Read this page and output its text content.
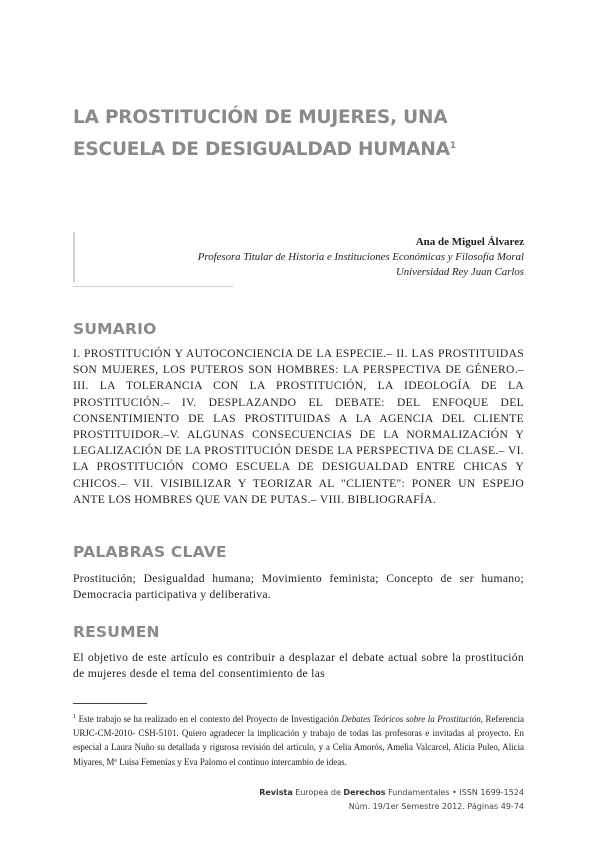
LA PROSTITUCIÓN DE MUJERES, UNA ESCUELA DE DESIGUALDAD HUMANA$^1$
Ana de Miguel Álvarez
Profesora Titular de Historia e Instituciones Económicas y Filosofía Moral
Universidad Rey Juan Carlos
SUMARIO

I. PROSTITUCIÓN Y AUTOCONCIENCIA DE LA ESPECIE.– II. LAS PROSTITUIDAS SON MUJERES, LOS PUTEROS SON HOMBRES: LA PERSPECTIVA DE GÉNERO.–III. LA TOLERANCIA CON LA PROSTITUCIÓN, LA IDEOLOGÍA DE LA PROSTITUCIÓN.– IV. DESPLAZANDO EL DEBATE: DEL ENFOQUE DEL CONSENTIMIENTO DE LAS PROSTITUIDAS A LA AGENCIA DEL CLIENTE PROSTITUIDOR.–V. ALGUNAS CONSECUENCIAS DE LA NORMALIZACIÓN Y LEGALIZACIÓN DE LA PROSTITUCIÓN DESDE LA PERSPECTIVA DE CLASE.– VI. LA PROSTITUCIÓN COMO ESCUELA DE DESIGUALDAD ENTRE CHICAS Y CHICOS.– VII. VISIBILIZAR Y TEORIZAR AL "CLIENTE": PONER UN ESPEJO ANTE LOS HOMBRES QUE VAN DE PUTAS.– VIII. BIBLIOGRAFÍA.

PALABRAS CLAVE

Prostitución; Desigualdad humana; Movimiento feminista; Concepto de ser humano; Democracia participativa y deliberativa.

RESUMEN

El objetivo de este artículo es contribuir a desplazar el debate actual sobre la prostitución de mujeres desde el tema del consentimiento de las

$^1$ Este trabajo se ha realizado en el contexto del Proyecto de Investigación Debates Teóricos sobre la Prostitución, Referencia URJC-CM-2010- CSH-5101. Quiero agradecer la implicación y trabajo de todas las profesoras e invitadas al proyecto. En especial a Laura Nuño su detallada y rigurosa revisión del artículo, y a Celia Amorós, Amelia Valcarcel, Alicia Puleo, Alicia Miyares, Mª Luisa Femenías y Eva Palomo el continuo intercambio de ideas.

Revista Europea de Derechos Fundamentales • ISSN 1699-1524
Núm. 19/1er Semestre 2012. Páginas 49-74
